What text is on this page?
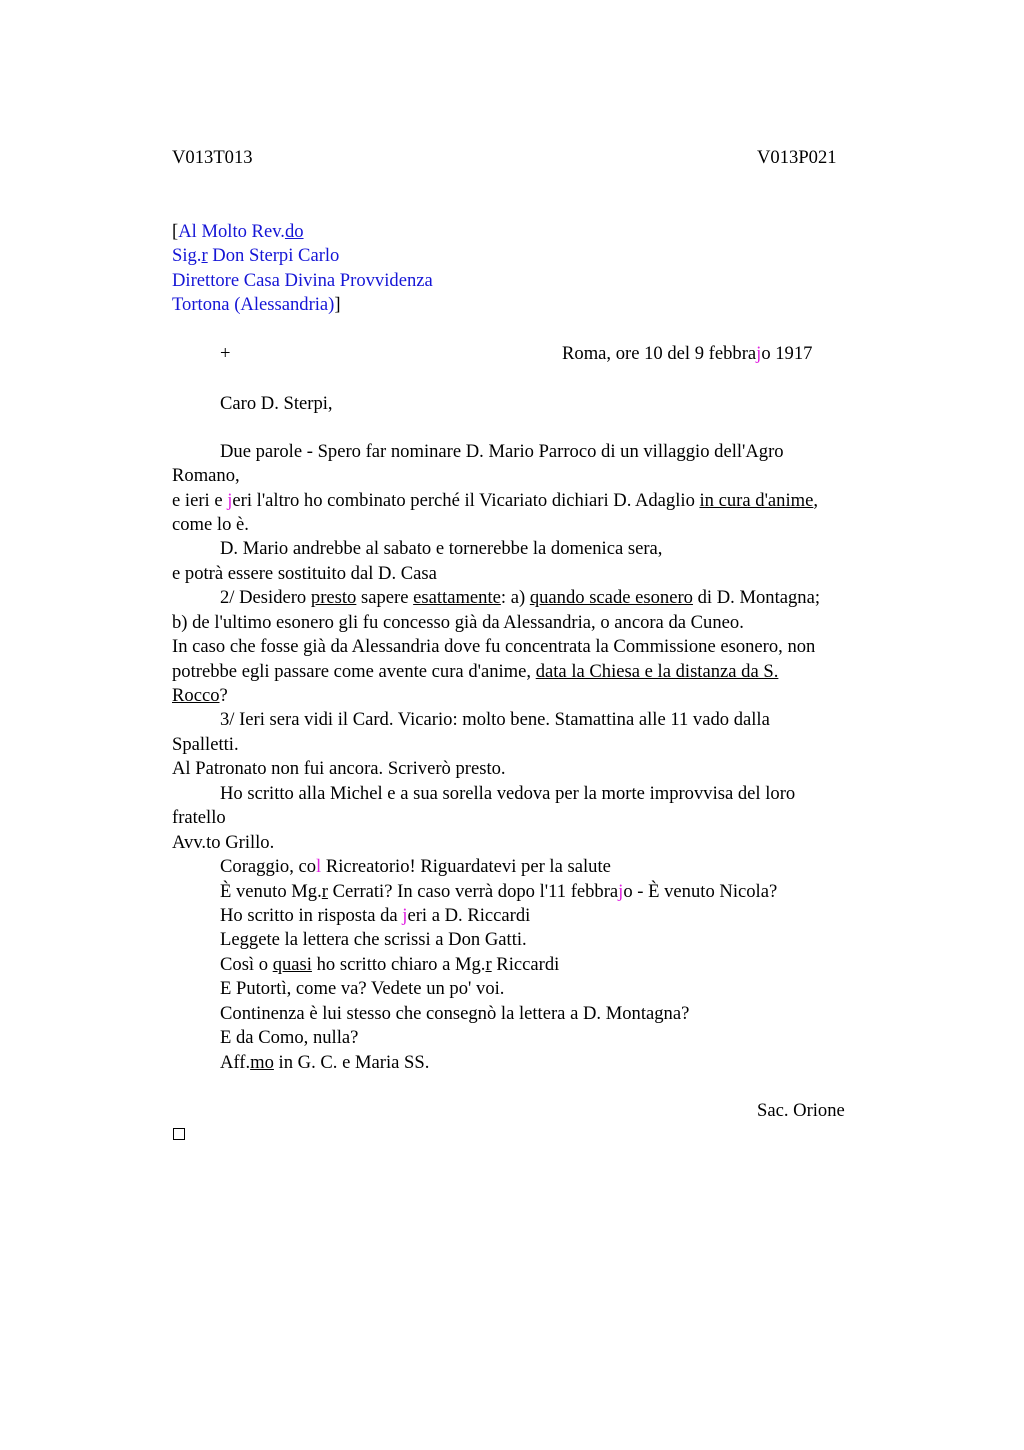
V013T013	V013P021
[Al Molto Rev.do
Sig.r Don Sterpi Carlo
Direttore Casa Divina Provvidenza
Tortona (Alessandria)]
+	Roma, ore 10 del 9 febbrajo 1917
Caro D. Sterpi,
Due parole - Spero far nominare D. Mario Parroco di un villaggio dell'Agro
Romano,
e ieri e jeri l'altro ho combinato perché il Vicariato dichiari D. Adaglio in cura d'anime,
come lo è.
D. Mario andrebbe al sabato e tornerebbe la domenica sera,
e potrà essere sostituito dal D. Casa
2/ Desidero presto sapere esattamente: a) quando scade esonero di D. Montagna;
b) de l'ultimo esonero gli fu concesso già da Alessandria, o ancora da Cuneo.
In caso che fosse già da Alessandria dove fu concentrata la Commissione esonero, non
potrebbe egli passare come avente cura d'anime, data la Chiesa e la distanza da S.
Rocco?
3/ Ieri sera vidi il Card. Vicario: molto bene. Stamattina alle 11 vado dalla
Spalletti.
Al Patronato non fui ancora. Scriverò presto.
Ho scritto alla Michel e a sua sorella vedova per la morte improvvisa del loro
fratello
Avv.to Grillo.
Coraggio, col Ricreatorio! Riguardatevi per la salute
È venuto Mg.r Cerrati? In caso verrà dopo l'11 febbrajo - È venuto Nicola?
Ho scritto in risposta da jeri a D. Riccardi
Leggete la lettera che scrissi a Don Gatti.
Così o quasi ho scritto chiaro a Mg.r Riccardi
E Putortì, come va? Vedete un po' voi.
Continenza è lui stesso che consegnò la lettera a D. Montagna?
E da Como, nulla?
Aff.mo in G. C. e Maria SS.
Sac. Orione
